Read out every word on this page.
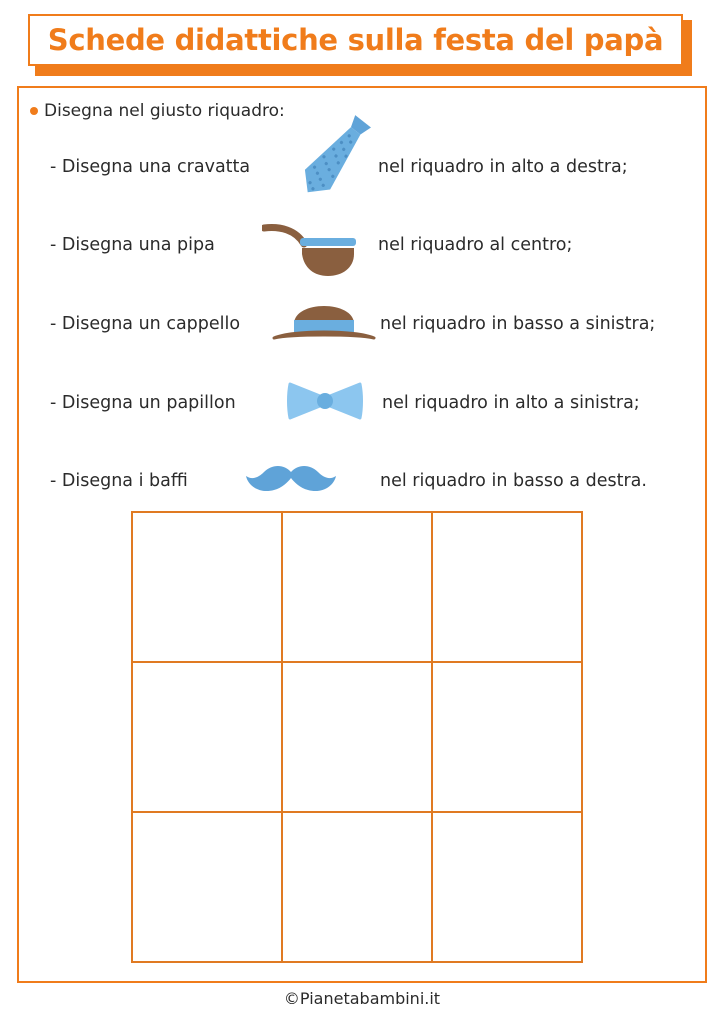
Schede didattiche sulla festa del papà
Disegna nel giusto riquadro:
- Disegna una cravatta	nel riquadro in alto a destra;
- Disegna una pipa	nel riquadro al centro;
- Disegna un cappello	nel riquadro in basso a sinistra;
- Disegna un papillon	nel riquadro in alto a sinistra;
- Disegna i baffi	nel riquadro in basso a destra.
©Pianetabambini.it
